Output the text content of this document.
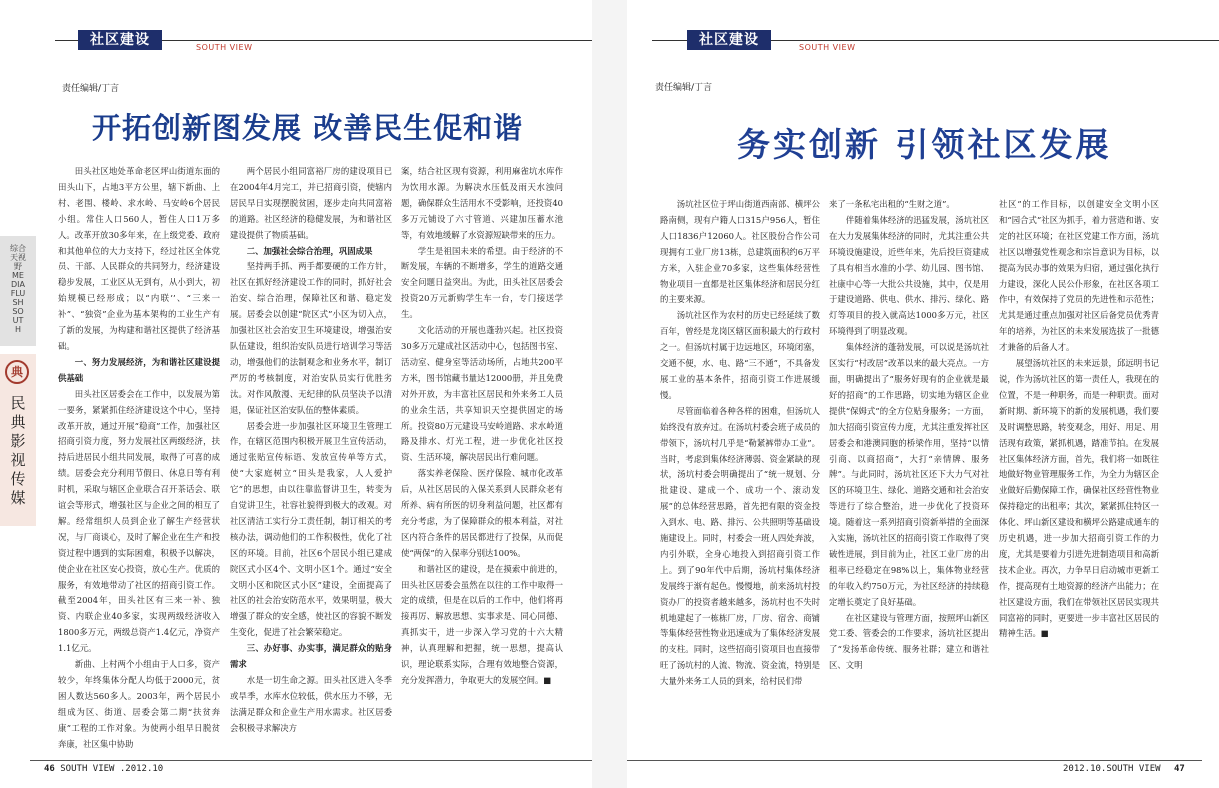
社区建设	SOUTH VIEW
责任编辑/丁言
开拓创新图发展 改善民生促和谐

田头社区地处革命老区坪山街道东面的田头山下，占地3平方公里，辖下新曲、上村、老围、楼岭、求水岭、马安岭6个居民小组。常住人口560人，暂住人口1万多人。改革开放30多年来，在上级党委、政府和其他单位的大力支持下，经过社区全体党员、干部、人民群众的共同努力，经济建设稳步发展，工业区从无到有，从小到大，初始规模已经形成；以“内联’’、“三来一补”、“独资”企业为基本架构的工业生产有了新的发展，为构建和谐社区提供了经济基础。

一、努力发展经济，为和谐社区建设提供基础

田头社区居委会在工作中，以发展为第一要务，紧紧抓住经济建设这个中心，坚持改革开放，通过开展“稳商”工作，加强社区招商引资力度，努力发展社区两级经济，扶持后进居民小组共同发展，取得了可喜的成绩。居委会充分利用节假日、休息日等有利时机，采取与辖区企业联合召开茶话会、联谊会等形式，增强社区与企业之间的相互了解。经常组织人员到企业了解生产经营状况，与厂商谈心，及时了解企业在生产和投资过程中遇到的实际困难，积极予以解决，使企业在社区安心投资，放心生产。优质的服务，有效地带动了社区的招商引资工作。截至2004年，田头社区有三来一补、独资、内联企业40多家，实现两级经济收入1800多万元，两级总资产1.4亿元，净资产1.1亿元。

新曲、上村两个小组由于人口多，资产较少，年终集体分配人均低于2000元，贫困人数达560多人。2003年，两个居民小组成为区、街道、居委会第二期“扶贫奔康”工程的工作对象。为使两小组早日脱贫奔康，社区集中协助

两个居民小组同富裕厂房的建设项目已在2004年4月完工，并已招商引资，使辖内居民早日实现摆脱贫困，逐步走向共同富裕的道路。社区经济的稳健发展，为和谐社区建设提供了物质基础。

二、加强社会综合治理，巩固成果

坚持两手抓、两手都要硬的工作方针，社区在抓好经济建设工作的同时，抓好社会治安、综合治理，保障社区和谐、稳定发展。居委会以创建“院区式”小区为切入点，加强社区社会治安卫生环境建设，增强治安队伍建设，组织治安队员进行培训学习等活动，增强他们的法制观念和业务水平，制订严厉的考核制度，对治安队员实行优胜劣汰。对作风散漫、无纪律的队员坚决予以清退，保证社区治安队伍的整体素质。

居委会进一步加强社区环境卫生管理工作，在辖区范围内积极开展卫生宣传活动，通过张贴宣传标语、发放宣传单等方式，使“大家庭树立“田头是我家，人人爱护它”的思想，由以往靠监督讲卫生，转变为自觉讲卫生，社容社貌得到极大的改观。对社区清洁工实行分工责任制，制订相关的考核办法，调动他们的工作积极性，优化了社区的环境。目前，社区6个居民小组已建成院区式小区4个、文明小区1个。通过“安全文明小区和院区式小区”建设，全面提高了社区的社会治安防范水平，效果明显，极大增强了群众的安全感，使社区的容貌不断发生变化，促进了社会繁荣稳定。

三、办好事、办实事，满足群众的贴身需求

水是一切生命之源。田头社区进入冬季或旱季，水库水位较低，供水压力不够，无法满足群众和企业生产用水需求。社区居委会积极寻求解决方

案，结合社区现有资源，利用麻雀坑水库作为饮用水源。为解决水压低及雨天水浊问题，确保群众生活用水不受影响，还投资40多万元铺设了六寸管道、兴建加压蓄水池等，有效地缓解了水资源短缺带来的压力。

学生是祖国未来的希望。由于经济的不断发展，车辆的不断增多，学生的道路交通安全问题日益突出。为此，田头社区居委会投资20万元新购学生车一台，专门接送学生。

文化活动的开展也蓬勃兴起。社区投资30多万元建成社区活动中心，包括图书室、活动室、健身室等活动场所，占地共200平方米，图书馆藏书量达12000册，并且免费对外开放，为丰富社区居民和外来务工人员的业余生活，共享知识天空提供固定的场所。投资80万元建设马安岭道路、求水岭道路及排水、灯光工程，进一步优化社区投资、生活环境，解决居民出行难问题。

落实养老保险、医疗保险、城市化改革后，从社区居民的入保关系到人民群众老有所养、病有所医的切身利益问题，社区都有充分考虑，为了保障群众的根本利益，对社区内符合条件的居民都进行了投保，从而促使“两保”的入保率分别达100%。

和谐社区的建设，是在摸索中前进的，田头社区居委会虽然在以往的工作中取得一定的成绩，但是在以后的工作中，他们将再接再厉、解放思想、实事求是、同心同德、真抓实干，进一步深入学习党的十六大精神，认真理解和把握，统一思想，提高认识，理论联系实际，合理有效地整合资源，充分发挥潜力，争取更大的发展空间。■

46 SOUTH VIEW .2012.10
综合天视野 MEDIA FLUSH SOUTH
典
民典影视传媒
社区建设	SOUTH VIEW
责任编辑/丁言
务实创新 引领社区发展

汤坑社区位于坪山街道西南部、横坪公路南侧，现有户籍人口315户956人，暂住人口1836户12060人。社区股份合作公司现拥有工业厂房13栋，总建筑面积约6万平方米，入驻企业70多家，这些集体经营性物业项目一直都是社区集体经济和居民分红的主要来源。

汤坑社区作为农村的历史已经延续了数百年，曾经是龙岗区辖区面积最大的行政村之一。但汤坑村属于边远地区，环境闭塞，交通不便，水、电、路“三不通”，不具备发展工业的基本条件，招商引资工作进展缓慢。

尽管面临着各种各样的困难，但汤坑人始终没有放弃过。在汤坑村委会班子成员的带领下，汤坑村几乎是“勒紧裤带办工业”。当时，考虑到集体经济薄弱、资金紧缺的现状，汤坑村委会明确提出了“统一规划、分批建设、建成一个、成功一个、滚动发展”的总体经营思路，首先把有限的资金投入到水、电、路、排污、公共照明等基础设施建设上。同时，村委会一班人四处奔波，内引外联，全身心地投入到招商引资工作上。到了90年代中后期，汤坑村集体经济发展终于渐有起色。慢慢地，前来汤坑村投资办厂的投资者越来越多，汤坑村也不失时机地建起了一栋栋厂房，厂房、宿舍、商铺等集体经营性物业迅速成为了集体经济发展的支柱。同时，这些招商引资项目也直接带旺了汤坑村的人流、物流、资金流，特别是大量外来务工人员的到来，给村民们带

来了一条私宅出租的“生财之道”。

伴随着集体经济的迅猛发展，汤坑社区在大力发展集体经济的同时，尤其注重公共环境设施建设，近些年来，先后投巨资建成了具有相当水准的小学、幼儿园、图书馆、社康中心等一大批公共设施，其中，仅是用于建设道路、供电、供水、排污、绿化、路灯等项目的投入就高达1000多万元，社区环境得到了明显改观。

集体经济的蓬勃发展，可以说是汤坑社区实行“村改居”改革以来的最大亮点。一方面，明确提出了“服务好现有的企业就是最好的招商”的工作思路，切实地为辖区企业提供“保姆式”的全方位贴身服务；一方面，加大招商引资宣传力度，尤其注重发挥社区居委会和港澳同胞的桥梁作用，坚持“以情引商、以商招商”，大打“亲情牌、服务牌”。与此同时，汤坑社区还下大力气对社区的环境卫生、绿化、道路交通和社会治安等进行了综合整治，进一步优化了投资环境。随着这一系列招商引资新举措的全面深入实施，汤坑社区的招商引资工作取得了突破性进展，到目前为止，社区工业厂房的出租率已经稳定在98%以上，集体物业经营的年收入约750万元，为社区经济的持续稳定增长奠定了良好基础。

在社区建设与管理方面，按照坪山新区党工委、管委会的工作要求，汤坑社区提出了“发扬革命传统、服务社群；建立和谐社区、文明

社区”的工作目标，以创建安全文明小区和“园合式”社区为抓手，着力营造和谐、安定的社区环境；在社区党建工作方面，汤坑社区以增强党性观念和宗旨意识为目标，以提高为民办事的效果为归宿，通过强化执行力建设，深化人民公仆形象，在社区各项工作中，有效保持了党员的先进性和示范性；尤其是通过重点加强对社区后备党员优秀青年的培养，为社区的未来发展选拔了一批德才兼备的后备人才。

展望汤坑社区的未来远景，邱远明书记说，作为汤坑社区的第一责任人，我现在的位置，不是一种职务，而是一种职责。面对新时期、新环境下的新的发展机遇，我们要及时调整思路，转变观念，用好、用足、用活现有政策，紧抓机遇，踏准节拍。在发展社区集体经济方面，首先，我们将一如既往地做好物业管理服务工作，为全力为辖区企业做好后勤保障工作，确保社区经营性物业保持稳定的出租率；其次，紧紧抓住特区一体化、坪山新区建设和横坪公路建成通车的历史机遇，进一步加大招商引资工作的力度，尤其是要着力引进先进制造项目和高新技术企业。再次，力争早日启动城市更新工作，提高现有土地资源的经济产出能力；在社区建设方面，我们在带领社区居民实现共同富裕的同时，更要进一步丰富社区居民的精神生活。■

2012.10.SOUTH VIEW 47
